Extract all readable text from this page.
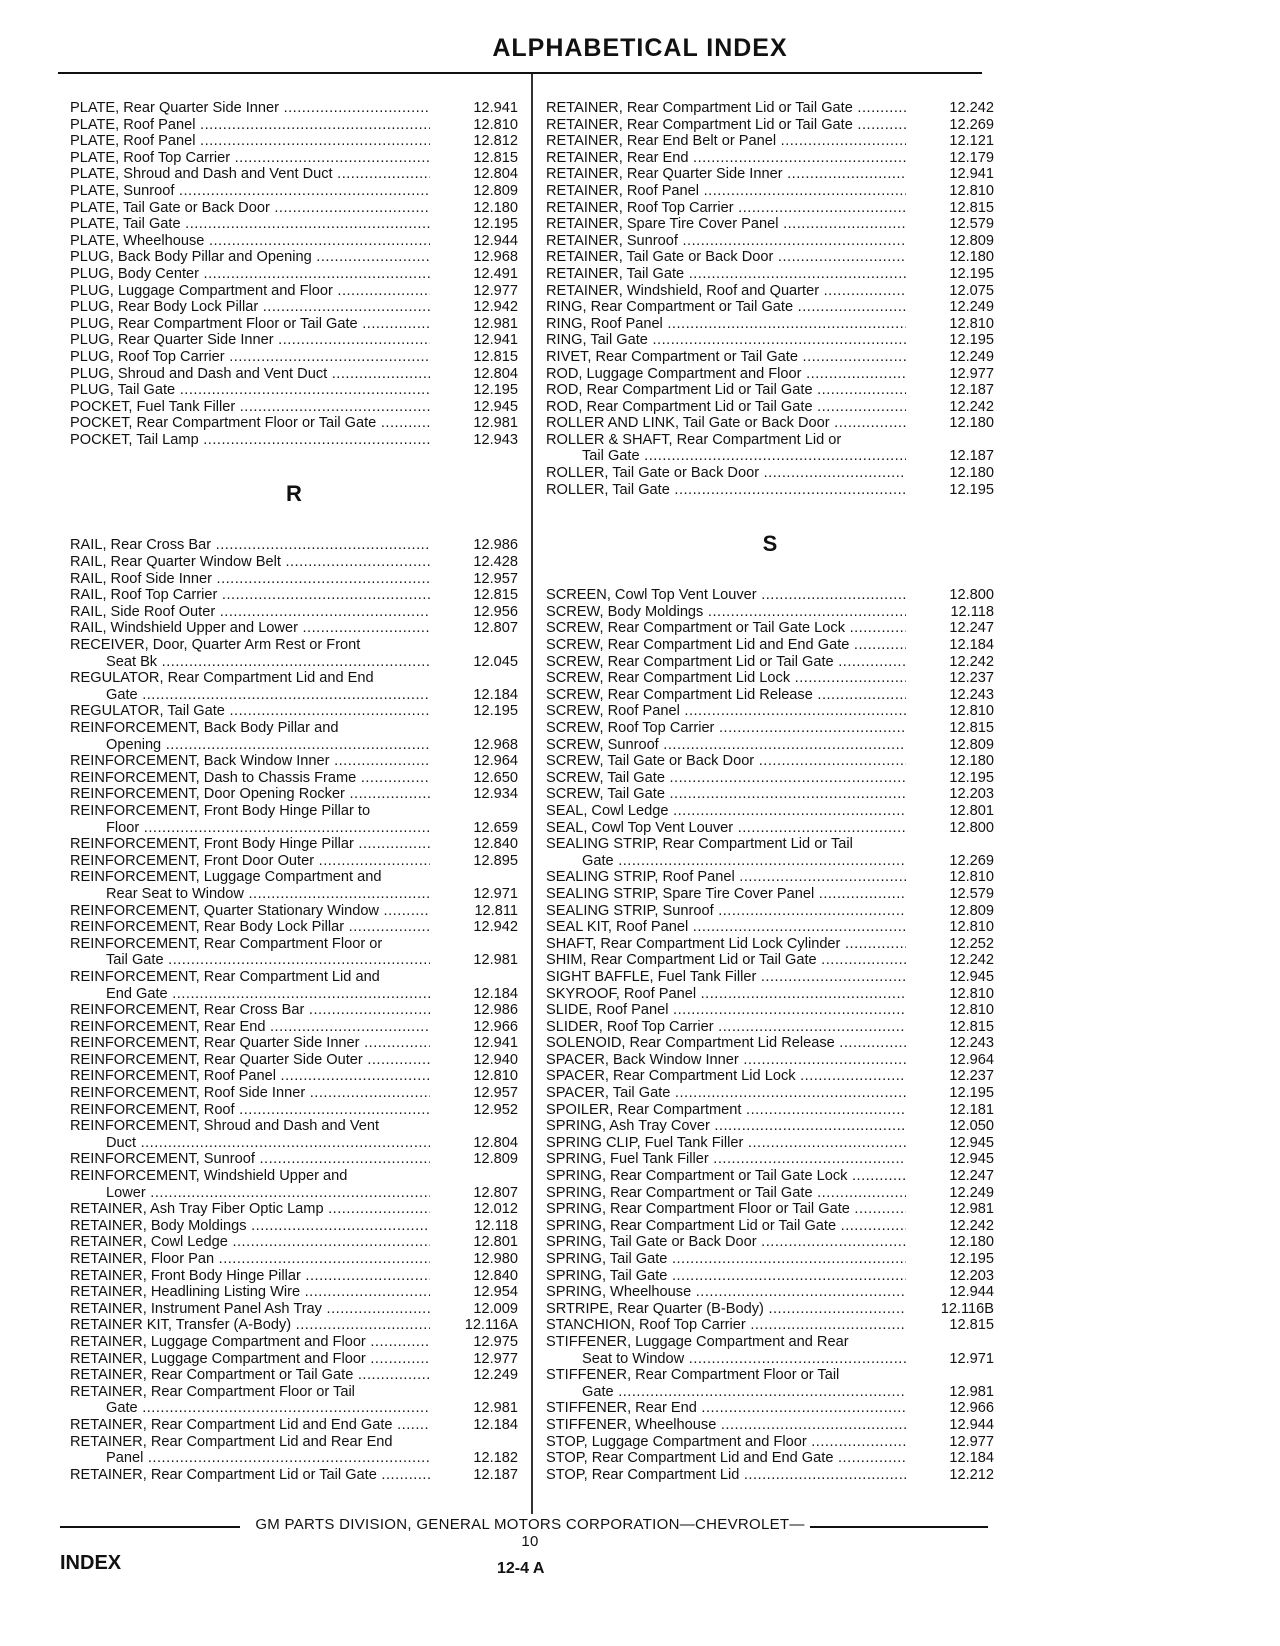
ALPHABETICAL INDEX
PLATE, Rear Quarter Side Inner .....	12.941
PLATE, Roof Panel .....	12.810
PLATE, Roof Panel .....	12.812
PLATE, Roof Top Carrier .....	12.815
PLATE, Shroud and Dash and Vent Duct .....	12.804
PLATE, Sunroof .....	12.809
PLATE, Tail Gate or Back Door .....	12.180
PLATE, Tail Gate .....	12.195
PLATE, Wheelhouse .....	12.944
PLUG, Back Body Pillar and Opening .....	12.968
PLUG, Body Center .....	12.491
PLUG, Luggage Compartment and Floor .....	12.977
PLUG, Rear Body Lock Pillar .....	12.942
PLUG, Rear Compartment Floor or Tail Gate .....	12.981
PLUG, Rear Quarter Side Inner .....	12.941
PLUG, Roof Top Carrier .....	12.815
PLUG, Shroud and Dash and Vent Duct .....	12.804
PLUG, Tail Gate .....	12.195
POCKET, Fuel Tank Filler .....	12.945
POCKET, Rear Compartment Floor or Tail Gate .....	12.981
POCKET, Tail Lamp .....	12.943
R
RAIL, Rear Cross Bar .....	12.986
RAIL, Rear Quarter Window Belt .....	12.428
RAIL, Roof Side Inner .....	12.957
RAIL, Roof Top Carrier .....	12.815
RAIL, Side Roof Outer .....	12.956
RAIL, Windshield Upper and Lower .....	12.807
RECEIVER, Door, Quarter Arm Rest or Front
Seat Bk .....	12.045
REGULATOR, Rear Compartment Lid and End
Gate .....	12.184
REGULATOR, Tail Gate .....	12.195
REINFORCEMENT, Back Body Pillar and
Opening .....	12.968
REINFORCEMENT, Back Window Inner .....	12.964
REINFORCEMENT, Dash to Chassis Frame .....	12.650
REINFORCEMENT, Door Opening Rocker .....	12.934
REINFORCEMENT, Front Body Hinge Pillar to
Floor .....	12.659
REINFORCEMENT, Front Body Hinge Pillar .....	12.840
REINFORCEMENT, Front Door Outer .....	12.895
REINFORCEMENT, Luggage Compartment and
Rear Seat to Window .....	12.971
REINFORCEMENT, Quarter Stationary Window .....	12.811
REINFORCEMENT, Rear Body Lock Pillar .....	12.942
REINFORCEMENT, Rear Compartment Floor or
Tail Gate .....	12.981
REINFORCEMENT, Rear Compartment Lid and
End Gate .....	12.184
REINFORCEMENT, Rear Cross Bar .....	12.986
REINFORCEMENT, Rear End .....	12.966
REINFORCEMENT, Rear Quarter Side Inner .....	12.941
REINFORCEMENT, Rear Quarter Side Outer .....	12.940
REINFORCEMENT, Roof Panel .....	12.810
REINFORCEMENT, Roof Side Inner .....	12.957
REINFORCEMENT, Roof .....	12.952
REINFORCEMENT, Shroud and Dash and Vent
Duct .....	12.804
REINFORCEMENT, Sunroof .....	12.809
REINFORCEMENT, Windshield Upper and
Lower .....	12.807
RETAINER, Ash Tray Fiber Optic Lamp .....	12.012
RETAINER, Body Moldings .....	12.118
RETAINER, Cowl Ledge .....	12.801
RETAINER, Floor Pan .....	12.980
RETAINER, Front Body Hinge Pillar .....	12.840
RETAINER, Headlining Listing Wire .....	12.954
RETAINER, Instrument Panel Ash Tray .....	12.009
RETAINER KIT, Transfer (A-Body) .....	12.116A
RETAINER, Luggage Compartment and Floor .....	12.975
RETAINER, Luggage Compartment and Floor .....	12.977
RETAINER, Rear Compartment or Tail Gate .....	12.249
RETAINER, Rear Compartment Floor or Tail
Gate .....	12.981
RETAINER, Rear Compartment Lid and End Gate .....	12.184
RETAINER, Rear Compartment Lid and Rear End
Panel .....	12.182
RETAINER, Rear Compartment Lid or Tail Gate .....	12.187
RETAINER, Rear Compartment Lid or Tail Gate .....	12.242
RETAINER, Rear Compartment Lid or Tail Gate .....	12.269
RETAINER, Rear End Belt or Panel .....	12.121
RETAINER, Rear End .....	12.179
RETAINER, Rear Quarter Side Inner .....	12.941
RETAINER, Roof Panel .....	12.810
RETAINER, Roof Top Carrier .....	12.815
RETAINER, Spare Tire Cover Panel .....	12.579
RETAINER, Sunroof .....	12.809
RETAINER, Tail Gate or Back Door .....	12.180
RETAINER, Tail Gate .....	12.195
RETAINER, Windshield, Roof and Quarter .....	12.075
RING, Rear Compartment or Tail Gate .....	12.249
RING, Roof Panel .....	12.810
RING, Tail Gate .....	12.195
RIVET, Rear Compartment or Tail Gate .....	12.249
ROD, Luggage Compartment and Floor .....	12.977
ROD, Rear Compartment Lid or Tail Gate .....	12.187
ROD, Rear Compartment Lid or Tail Gate .....	12.242
ROLLER AND LINK, Tail Gate or Back Door .....	12.180
ROLLER & SHAFT, Rear Compartment Lid or
Tail Gate .....	12.187
ROLLER, Tail Gate or Back Door .....	12.180
ROLLER, Tail Gate .....	12.195
S
SCREEN, Cowl Top Vent Louver .....	12.800
SCREW, Body Moldings .....	12.118
SCREW, Rear Compartment or Tail Gate Lock .....	12.247
SCREW, Rear Compartment Lid and End Gate .....	12.184
SCREW, Rear Compartment Lid or Tail Gate .....	12.242
SCREW, Rear Compartment Lid Lock .....	12.237
SCREW, Rear Compartment Lid Release .....	12.243
SCREW, Roof Panel .....	12.810
SCREW, Roof Top Carrier .....	12.815
SCREW, Sunroof .....	12.809
SCREW, Tail Gate or Back Door .....	12.180
SCREW, Tail Gate .....	12.195
SCREW, Tail Gate .....	12.203
SEAL, Cowl Ledge .....	12.801
SEAL, Cowl Top Vent Louver .....	12.800
SEALING STRIP, Rear Compartment Lid or Tail
Gate .....	12.269
SEALING STRIP, Roof Panel .....	12.810
SEALING STRIP, Spare Tire Cover Panel .....	12.579
SEALING STRIP, Sunroof .....	12.809
SEAL KIT, Roof Panel .....	12.810
SHAFT, Rear Compartment Lid Lock Cylinder .....	12.252
SHIM, Rear Compartment Lid or Tail Gate .....	12.242
SIGHT BAFFLE, Fuel Tank Filler .....	12.945
SKYROOF, Roof Panel .....	12.810
SLIDE, Roof Panel .....	12.810
SLIDER, Roof Top Carrier .....	12.815
SOLENOID, Rear Compartment Lid Release .....	12.243
SPACER, Back Window Inner .....	12.964
SPACER, Rear Compartment Lid Lock .....	12.237
SPACER, Tail Gate .....	12.195
SPOILER, Rear Compartment .....	12.181
SPRING, Ash Tray Cover .....	12.050
SPRING CLIP, Fuel Tank Filler .....	12.945
SPRING, Fuel Tank Filler .....	12.945
SPRING, Rear Compartment or Tail Gate Lock .....	12.247
SPRING, Rear Compartment or Tail Gate .....	12.249
SPRING, Rear Compartment Floor or Tail Gate .....	12.981
SPRING, Rear Compartment Lid or Tail Gate .....	12.242
SPRING, Tail Gate or Back Door .....	12.180
SPRING, Tail Gate .....	12.195
SPRING, Tail Gate .....	12.203
SPRING, Wheelhouse .....	12.944
SRTRIPE, Rear Quarter (B-Body) .....	12.116B
STANCHION, Roof Top Carrier .....	12.815
STIFFENER, Luggage Compartment and Rear
Seat to Window .....	12.971
STIFFENER, Rear Compartment Floor or Tail
Gate .....	12.981
STIFFENER, Rear End .....	12.966
STIFFENER, Wheelhouse .....	12.944
STOP, Luggage Compartment and Floor .....	12.977
STOP, Rear Compartment Lid and End Gate .....	12.184
STOP, Rear Compartment Lid .....	12.212
GM PARTS DIVISION, GENERAL MOTORS CORPORATION—CHEVROLET—10
INDEX	12-4 A
